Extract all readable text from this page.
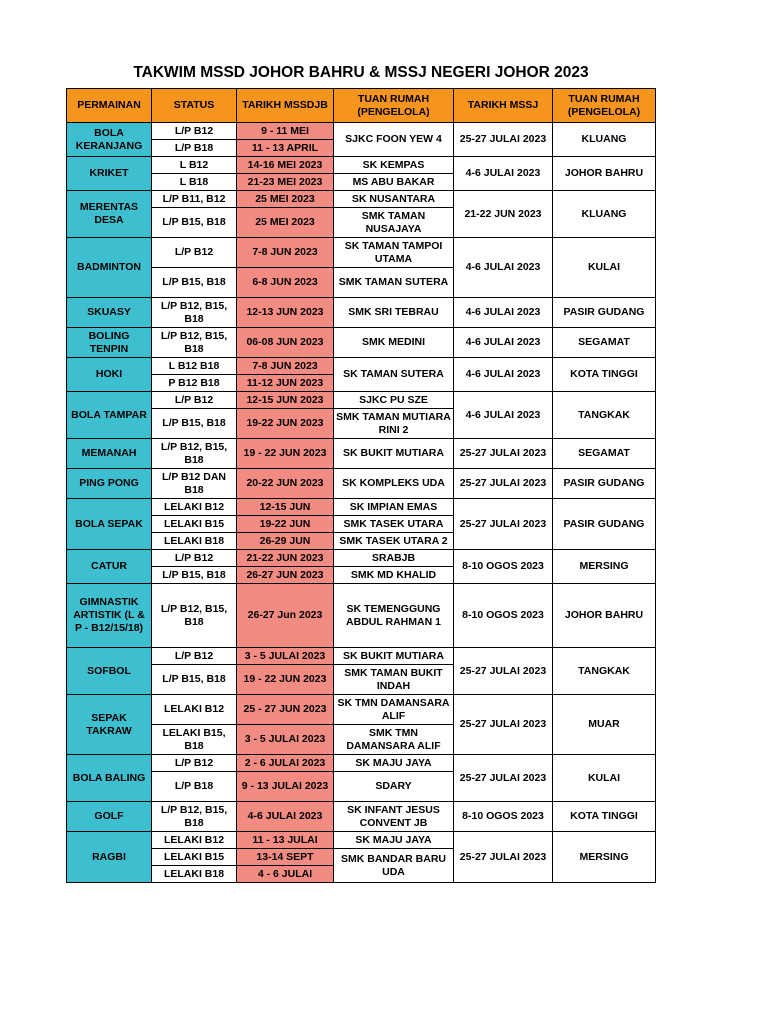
TAKWIM MSSD JOHOR BAHRU & MSSJ NEGERI JOHOR 2023
PERMAINAN	STATUS	TARIKH MSSDJB	TUAN RUMAH (PENGELOLA)	TARIKH MSSJ	TUAN RUMAH (PENGELOLA)
BOLA KERANJANG	L/P B12	9 - 11 MEI	SJKC FOON YEW 4	25-27 JULAI 2023	KLUANG
	L/P B18	11 - 13 APRIL			
KRIKET	L B12	14-16 MEI 2023	SK KEMPAS	4-6 JULAI 2023	JOHOR BAHRU
	L B18	21-23 MEI 2023	MS ABU BAKAR		
MERENTAS DESA	L/P B11, B12	25 MEI 2023	SK NUSANTARA	21-22 JUN 2023	KLUANG
	L/P B15, B18	25 MEI 2023	SMK TAMAN NUSAJAYA		
BADMINTON	L/P B12	7-8 JUN 2023	SK TAMAN TAMPOI UTAMA	4-6 JULAI 2023	KULAI
	L/P B15, B18	6-8 JUN 2023	SMK TAMAN SUTERA		
SKUASY	L/P B12, B15, B18	12-13 JUN 2023	SMK SRI TEBRAU	4-6 JULAI 2023	PASIR GUDANG
BOLING TENPIN	L/P B12, B15, B18	06-08 JUN 2023	SMK MEDINI	4-6 JULAI 2023	SEGAMAT
HOKI	L B12 B18	7-8 JUN 2023	SK TAMAN SUTERA	4-6 JULAI 2023	KOTA TINGGI
	P B12 B18	11-12 JUN 2023			
BOLA TAMPAR	L/P B12	12-15 JUN 2023	SJKC PU SZE	4-6 JULAI 2023	TANGKAK
	L/P B15, B18	19-22 JUN 2023	SMK TAMAN MUTIARA RINI 2		
MEMANAH	L/P B12, B15, B18	19 - 22 JUN 2023	SK BUKIT MUTIARA	25-27 JULAI 2023	SEGAMAT
PING PONG	L/P B12 DAN B18	20-22 JUN 2023	SK KOMPLEKS UDA	25-27 JULAI 2023	PASIR GUDANG
BOLA SEPAK	LELAKI B12	12-15 JUN	SK IMPIAN EMAS	25-27 JULAI 2023	PASIR GUDANG
	LELAKI B15	19-22 JUN	SMK TASEK UTARA		
	LELAKI B18	26-29 JUN	SMK TASEK UTARA 2		
CATUR	L/P B12	21-22 JUN 2023	SRABJB	8-10 OGOS 2023	MERSING
	L/P B15, B18	26-27 JUN 2023	SMK MD KHALID		
GIMNASTIK ARTISTIK (L & P - B12/15/18)	L/P B12, B15, B18	26-27 Jun 2023	SK TEMENGGUNG ABDUL RAHMAN 1	8-10 OGOS 2023	JOHOR BAHRU
SOFBOL	L/P B12	3 - 5 JULAI 2023	SK BUKIT MUTIARA	25-27 JULAI 2023	TANGKAK
	L/P B15, B18	19 - 22 JUN 2023	SMK TAMAN BUKIT INDAH		
SEPAK TAKRAW	LELAKI B12	25 - 27 JUN 2023	SK TMN DAMANSARA ALIF	25-27 JULAI 2023	MUAR
	LELAKI B15, B18	3 - 5 JULAI 2023	SMK TMN DAMANSARA ALIF		
BOLA BALING	L/P B12	2 - 6 JULAI 2023	SK MAJU JAYA	25-27 JULAI 2023	KULAI
	L/P B18	9 - 13 JULAI 2023	SDARY		
GOLF	L/P B12, B15, B18	4-6 JULAI 2023	SK INFANT JESUS CONVENT JB	8-10 OGOS 2023	KOTA TINGGI
RAGBI	LELAKI B12	11 - 13 JULAI	SK MAJU JAYA	25-27 JULAI 2023	MERSING
	LELAKI B15	13-14 SEPT	SMK BANDAR BARU UDA		
	LELAKI B18	4 - 6 JULAI			
